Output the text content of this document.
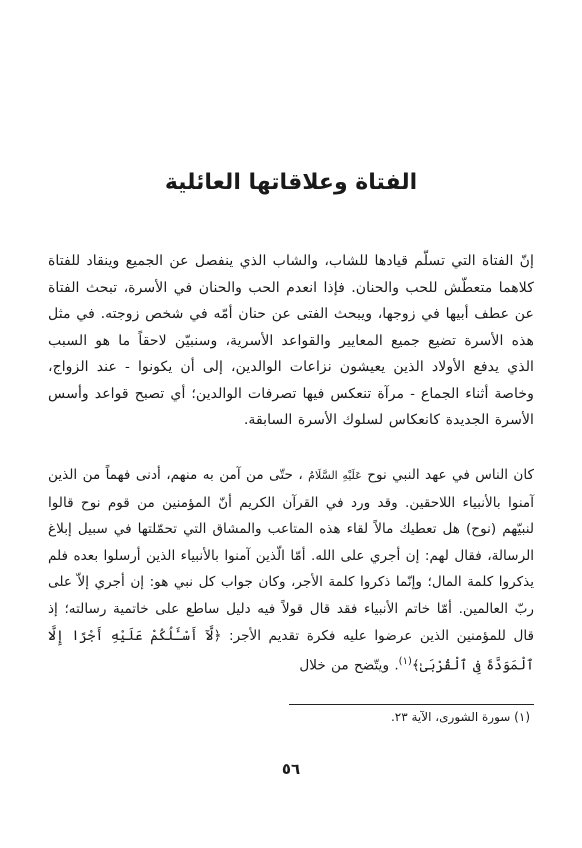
الفتاة وعلاقاتها العائلية

إنّ الفتاة التي تسلّم قيادها للشاب، والشاب الذي ينفصل عن الجميع وينقاد للفتاة كلاهما متعطّش للحب والحنان. فإذا انعدم الحب والحنان في الأسرة، تبحث الفتاة عن عطف أبيها في زوجها، ويبحث الفتى عن حنان أمّه في شخص زوجته. في مثل هذه الأسرة تضيع جميع المعايير والقواعد الأسرية، وسنبيّن لاحقاً ما هو السبب الذي يدفع الأولاد الذين يعيشون نزاعات الوالدين، إلى أن يكونوا - عند الزواج، وخاصة أثناء الجماع - مرآة تنعكس فيها تصرفات الوالدين؛ أي تصبح قواعد وأسس الأسرة الجديدة كانعكاس لسلوك الأسرة السابقة.

كان الناس في عهد النبي نوح عَلَيْهِ السَّلَامُ ، حتّى من آمن به منهم، أدنى فهماً من الذين آمنوا بالأنبياء اللاحقين. وقد ورد في القرآن الكريم أنّ المؤمنين من قوم نوح قالوا لنبيّهم (نوح) هل تعطيك مالاً لقاء هذه المتاعب والمشاق التي تحمّلتها في سبيل إبلاغ الرسالة، فقال لهم: إن أجري على الله. أمّا الّذين آمنوا بالأنبياء الذين أرسلوا بعده فلم يذكروا كلمة المال؛ وإنّما ذكروا كلمة الأجر، وكان جواب كل نبي هو: إن أجري إلاّ على ربّ العالمين. أمّا خاتم الأنبياء فقد قال قولاً فيه دليل ساطع على خاتمية رسالته؛ إذ قال للمؤمنين الذين عرضوا عليه فكرة تقديم الأجر: ﴿لَّآ أَسْـَٔلُكُمْ عَلَيْهِ أَجْرًا إِلَّا ٱلْمَوَدَّةَ فِى ٱلْقُرْبَىٰ﴾$^{(١)}$. ويتّضح من خلال

(١) سورة الشورى، الآية ٢٣.
٥٦
